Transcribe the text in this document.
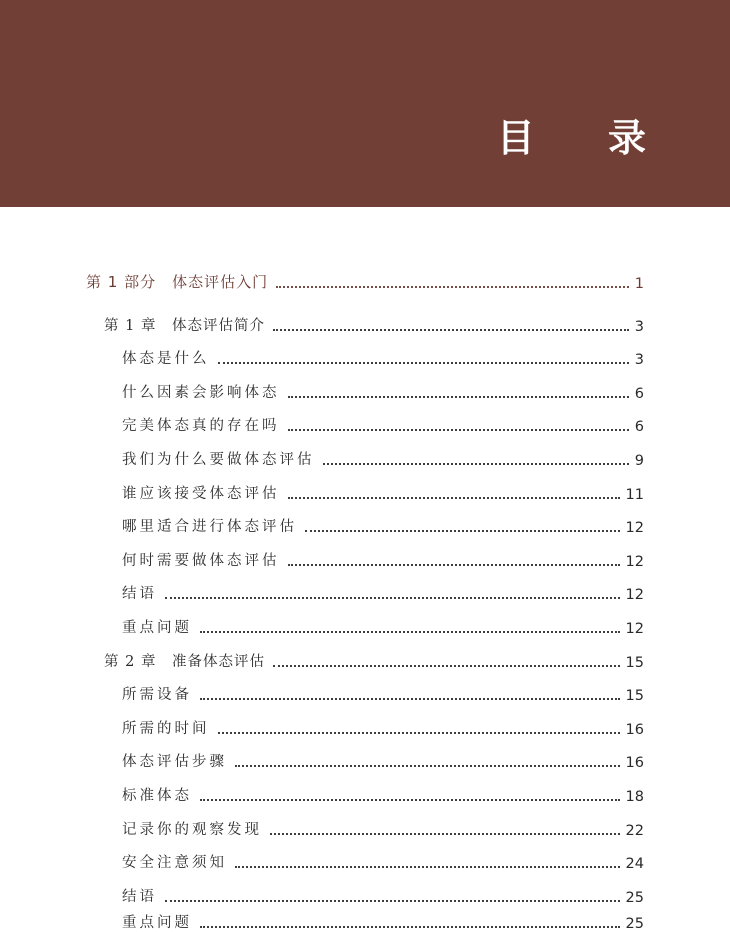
目 录
第 1 部分　体态评估入门	1
第 1 章　体态评估简介	3
体态是什么	3
什么因素会影响体态	6
完美体态真的存在吗	6
我们为什么要做体态评估	9
谁应该接受体态评估	11
哪里适合进行体态评估	12
何时需要做体态评估	12
结语	12
重点问题	12
第 2 章　准备体态评估	15
所需设备	15
所需的时间	16
体态评估步骤	16
标准体态	18
记录你的观察发现	22
安全注意须知	24
结语	25
重点问题	25
